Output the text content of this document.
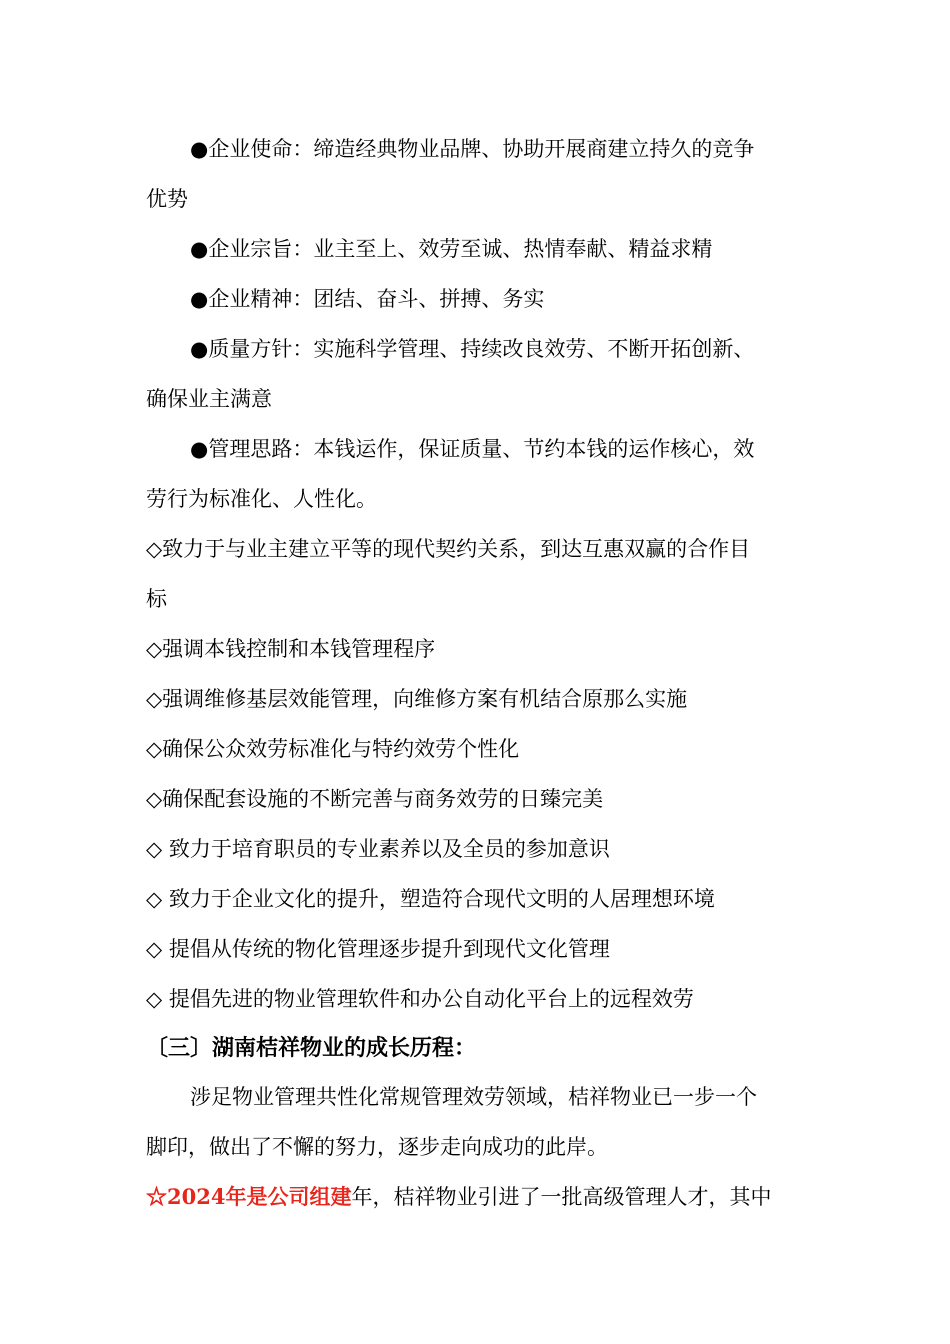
●企业使命：缔造经典物业品牌、协助开展商建立持久的竞争
优势
●企业宗旨：业主至上、效劳至诚、热情奉献、精益求精
●企业精神：团结、奋斗、拼搏、务实
●质量方针：实施科学管理、持续改良效劳、不断开拓创新、
确保业主满意
●管理思路：本钱运作，保证质量、节约本钱的运作核心，效
劳行为标准化、人性化。
◇致力于与业主建立平等的现代契约关系，到达互惠双赢的合作目
标
◇强调本钱控制和本钱管理程序
◇强调维修基层效能管理，向维修方案有机结合原那么实施
◇确保公众效劳标准化与特约效劳个性化
◇确保配套设施的不断完善与商务效劳的日臻完美
◇ 致力于培育职员的专业素养以及全员的参加意识
◇ 致力于企业文化的提升，塑造符合现代文明的人居理想环境
◇ 提倡从传统的物化管理逐步提升到现代文化管理
◇ 提倡先进的物业管理软件和办公自动化平台上的远程效劳
〔三〕湖南桔祥物业的成长历程：
涉足物业管理共性化常规管理效劳领域，桔祥物业已一步一个
脚印，做出了不懈的努力，逐步走向成功的此岸。
☆2024年是公司组建年，桔祥物业引进了一批高级管理人才，其中
